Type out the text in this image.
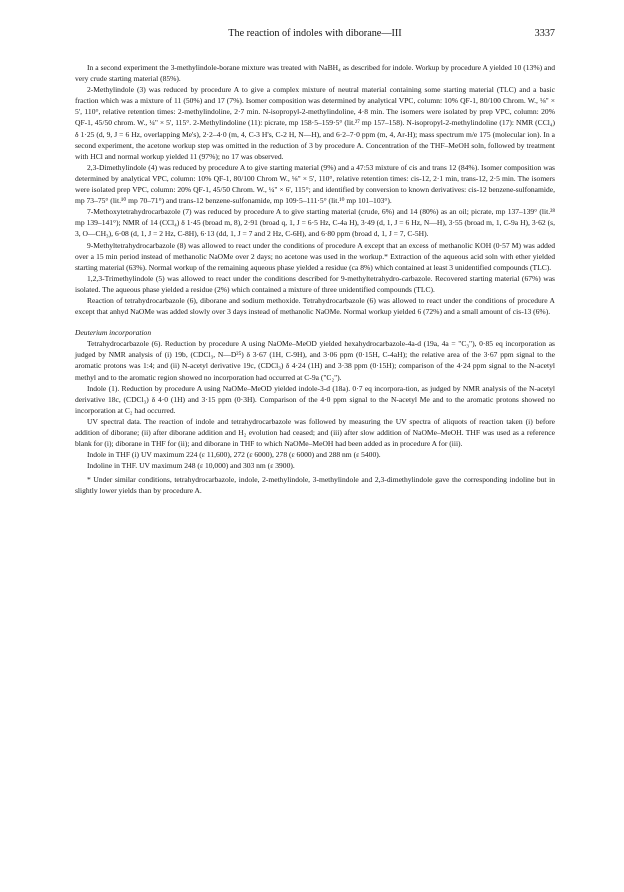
The reaction of indoles with diborane—III	3337

In a second experiment the 3-methylindole-borane mixture was treated with NaBH₄ as described for indole. Workup by procedure A yielded 10 (13%) and very crude starting material (85%).

2-Methylindole (3) was reduced by procedure A to give a complex mixture of neutral material containing some starting material (TLC) and a basic fraction which was a mixture of 11 (50%) and 17 (7%). Isomer composition was determined by analytical VPC, column: 10% QF-1, 80/100 Chrom. W., ⅛" × 5', 110°, relative retention times: 2-methylindoline, 2·7 min. N-isopropyl-2-methylindoline, 4·8 min. The isomers were isolated by prep VPC, column: 20% QF-1, 45/50 chrom. W., ¼" × 5', 115°. 2-Methylindoline (11): picrate, mp 158·5–159·5° (lit.²⁷ mp 157–158). N-isopropyl-2-methylindoline (17): NMR (CCl₄) δ 1·25 (d, 9, J = 6 Hz, overlapping Me's), 2·2–4·0 (m, 4, C-3 H's, C-2 H, N—H), and 6·2–7·0 ppm (m, 4, Ar-H); mass spectrum m/e 175 (molecular ion). In a second experiment, the acetone workup step was omitted in the reduction of 3 by procedure A. Concentration of the THF–MeOH soln, followed by treatment with HCl and normal workup yielded 11 (97%); no 17 was observed.

2,3-Dimethylindole (4) was reduced by procedure A to give starting material (9%) and a 47:53 mixture of cis and trans 12 (84%). Isomer composition was determined by analytical VPC, column: 10% QF-1, 80/100 Chrom W., ⅛" × 5', 110°, relative retention times: cis-12, 2·1 min, trans-12, 2·5 min. The isomers were isolated prep VPC, column: 20% QF-1, 45/50 Chrom. W., ¼" × 6', 115°; and identified by conversion to known derivatives: cis-12 benzene-sulfonamide, mp 73–75° (lit.¹⁰ mp 70–71°) and trans-12 benzene-sulfonamide, mp 109·5–111·5° (lit.¹⁰ mp 101–103°).

7-Methoxytetrahydrocarbazole (7) was reduced by procedure A to give starting material (crude, 6%) and 14 (80%) as an oil; picrate, mp 137–139° (lit.²⁸ mp 139–141°); NMR of 14 (CCl₄) δ 1·45 (broad m, 8), 2·91 (broad q, 1, J = 6·5 Hz, C-4a H), 3·49 (d, 1, J = 6 Hz, N—H), 3·55 (broad m, 1, C-9a H), 3·62 (s, 3, O—CH₃), 6·08 (d, 1, J = 2 Hz, C-8H), 6·13 (dd, 1, J = 7 and 2 Hz, C-6H), and 6·80 ppm (broad d, 1, J = 7, C-5H).

9-Methyltetrahydrocarbazole (8) was allowed to react under the conditions of procedure A except that an excess of methanolic KOH (0·57 M) was added over a 15 min period instead of methanolic NaOMe over 2 days; no acetone was used in the workup.* Extraction of the aqueous acid soln with ether yielded starting material (63%). Normal workup of the remaining aqueous phase yielded a residue (ca 8%) which contained at least 3 unidentified compounds (TLC).

1,2,3-Trimethylindole (5) was allowed to react under the conditions described for 9-methyltetrahydro-carbazole. Recovered starting material (67%) was isolated. The aqueous phase yielded a residue (2%) which contained a mixture of three unidentified compounds (TLC).

Reaction of tetrahydrocarbazole (6), diborane and sodium methoxide. Tetrahydrocarbazole (6) was allowed to react under the conditions of procedure A except that anhyd NaOMe was added slowly over 3 days instead of methanolic NaOMe. Normal workup yielded 6 (72%) and a small amount of cis-13 (6%).

Deuterium incorporation

Tetrahydrocarbazole (6). Reduction by procedure A using NaOMe–MeOD yielded hexahydrocarbazole-4a-d (19a, 4a = "C₃"), 0·85 eq incorporation as judged by NMR analysis of (i) 19b, (CDCl₃, N—D²⁵) δ 3·67 (1H, C-9H), and 3·06 ppm (0·15H, C-4aH); the relative area of the 3·67 ppm signal to the aromatic protons was 1:4; and (ii) N-acetyl derivative 19c, (CDCl₃) δ 4·24 (1H) and 3·38 ppm (0·15H); comparison of the 4·24 ppm signal to the N-acetyl methyl and to the aromatic region showed no incorporation had occurred at C-9a ("C₂").

Indole (1). Reduction by procedure A using NaOMe–MeOD yielded indole-3-d (18a). 0·7 eq incorpora-tion, as judged by NMR analysis of the N-acetyl derivative 18c, (CDCl₃) δ 4·0 (1H) and 3·15 ppm (0·3H). Comparison of the 4·0 ppm signal to the N-acetyl Me and to the aromatic protons showed no incorporation at C₂ had occurred.

UV spectral data. The reaction of indole and tetrahydrocarbazole was followed by measuring the UV spectra of aliquots of reaction taken (i) before addition of diborane; (ii) after diborane addition and H₂ evolution had ceased; and (iii) after slow addition of NaOMe–MeOH. THF was used as a reference blank for (i); diborane in THF for (ii); and diborane in THF to which NaOMe–MeOH had been added as in procedure A for (iii).

Indole in THF (i) UV maximum 224 (ε 11,600), 272 (ε 6000), 278 (ε 6000) and 288 nm (ε 5400).

Indoline in THF. UV maximum 248 (ε 10,000) and 303 nm (ε 3900).

* Under similar conditions, tetrahydrocarbazole, indole, 2-methylindole, 3-methylindole and 2,3-dimethylindole gave the corresponding indoline but in slightly lower yields than by procedure A.
